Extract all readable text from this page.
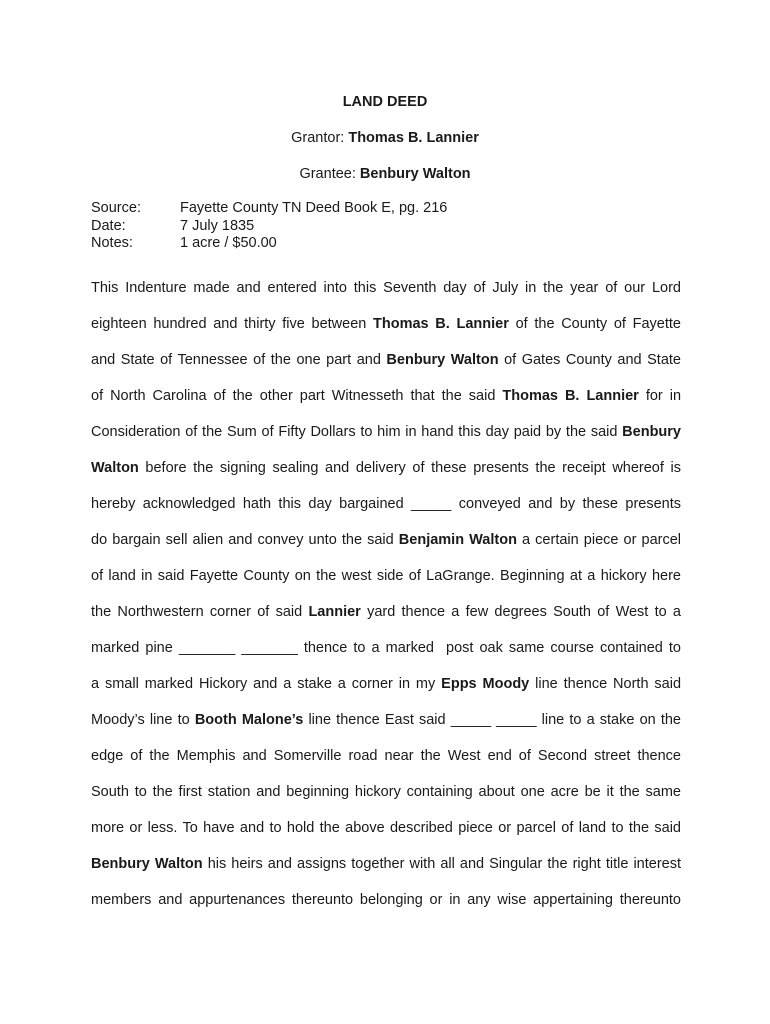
LAND DEED
Grantor: Thomas B. Lannier
Grantee: Benbury Walton
Source:	Fayette County TN Deed Book E, pg. 216
Date:	7 July 1835
Notes:	1 acre / $50.00
This Indenture made and entered into this Seventh day of July in the year of our Lord
eighteen hundred and thirty five between Thomas B. Lannier of the County of Fayette
and State of Tennessee of the one part and Benbury Walton of Gates County and State
of North Carolina of the other part Witnesseth that the said Thomas B. Lannier for in
Consideration of the Sum of Fifty Dollars to him in hand this day paid by the said Benbury
Walton before the signing sealing and delivery of these presents the receipt whereof is
hereby acknowledged hath this day bargained _____ conveyed and by these presents
do bargain sell alien and convey unto the said Benjamin Walton a certain piece or parcel
of land in said Fayette County on the west side of LaGrange. Beginning at a hickory here
the Northwestern corner of said Lannier yard thence a few degrees South of West to a
marked pine _______ _______ thence to a marked  post oak same course contained to
a small marked Hickory and a stake a corner in my Epps Moody line thence North said
Moody’s line to Booth Malone’s line thence East said _____ _____ line to a stake on the
edge of the Memphis and Somerville road near the West end of Second street thence
South to the first station and beginning hickory containing about one acre be it the same
more or less. To have and to hold the above described piece or parcel of land to the said
Benbury Walton his heirs and assigns together with all and Singular the right title interest
members and appurtenances thereunto belonging or in any wise appertaining thereunto
